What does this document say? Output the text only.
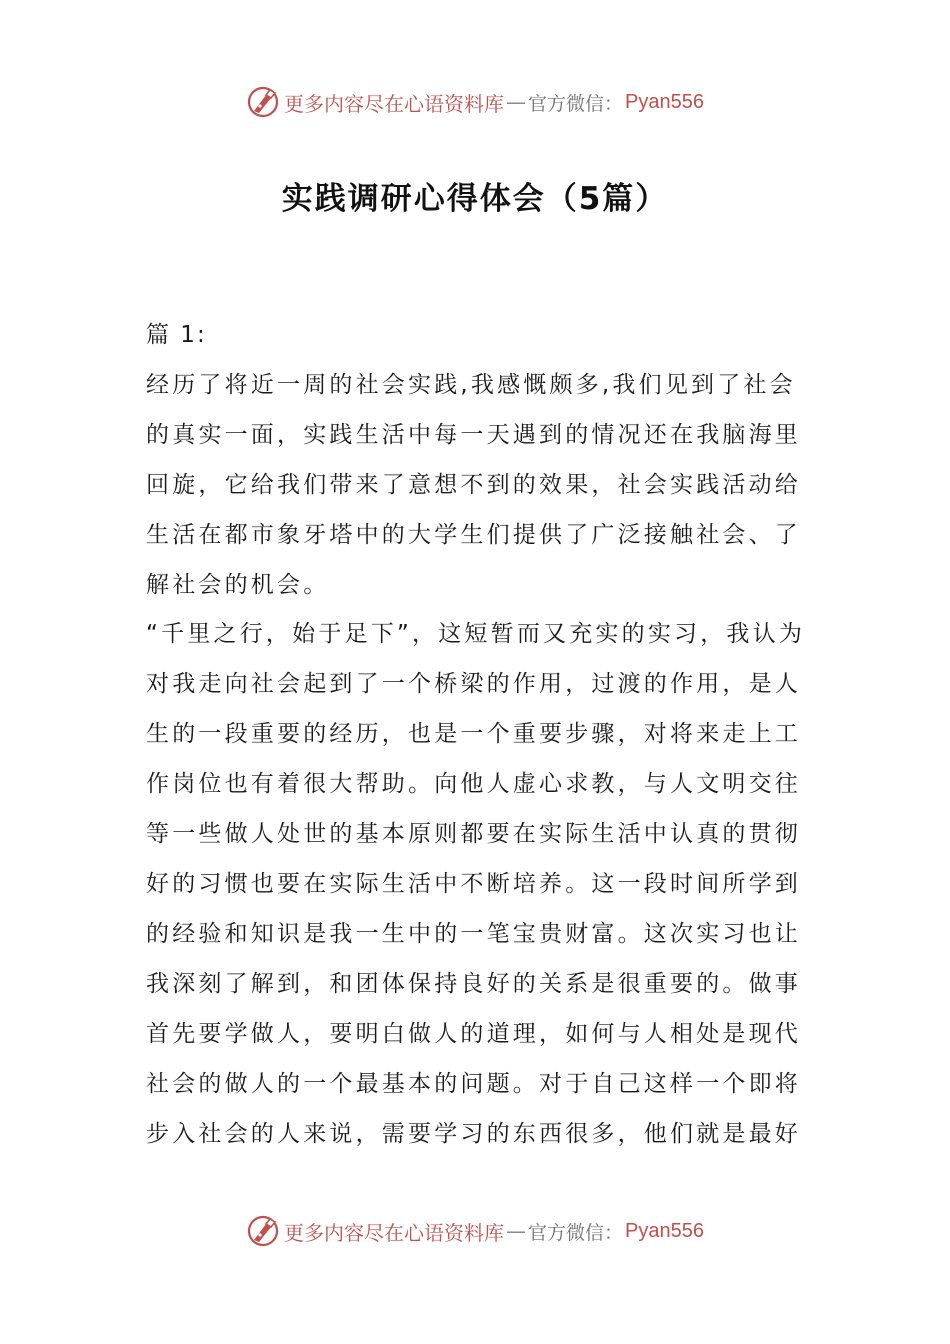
更多内容尽在心语资料库 — 官方微信： Pyan556
实践调研心得体会（5篇）

篇 1:

经历了将近一周的社会实践,我感慨颇多,我们见到了社会的真实一面，实践生活中每一天遇到的情况还在我脑海里回旋，它给我们带来了意想不到的效果，社会实践活动给生活在都市象牙塔中的大学生们提供了广泛接触社会、了解社会的机会。

“千里之行，始于足下”，这短暂而又充实的实习，我认为对我走向社会起到了一个桥梁的作用，过渡的作用，是人生的一段重要的经历，也是一个重要步骤，对将来走上工作岗位也有着很大帮助。向他人虚心求教，与人文明交往等一些做人处世的基本原则都要在实际生活中认真的贯彻好的习惯也要在实际生活中不断培养。这一段时间所学到的经验和知识是我一生中的一笔宝贵财富。这次实习也让我深刻了解到，和团体保持良好的关系是很重要的。做事首先要学做人，要明白做人的道理，如何与人相处是现代社会的做人的一个最基本的问题。对于自己这样一个即将步入社会的人来说，需要学习的东西很多，他们就是最好

更多内容尽在心语资料库 — 官方微信： Pyan556
